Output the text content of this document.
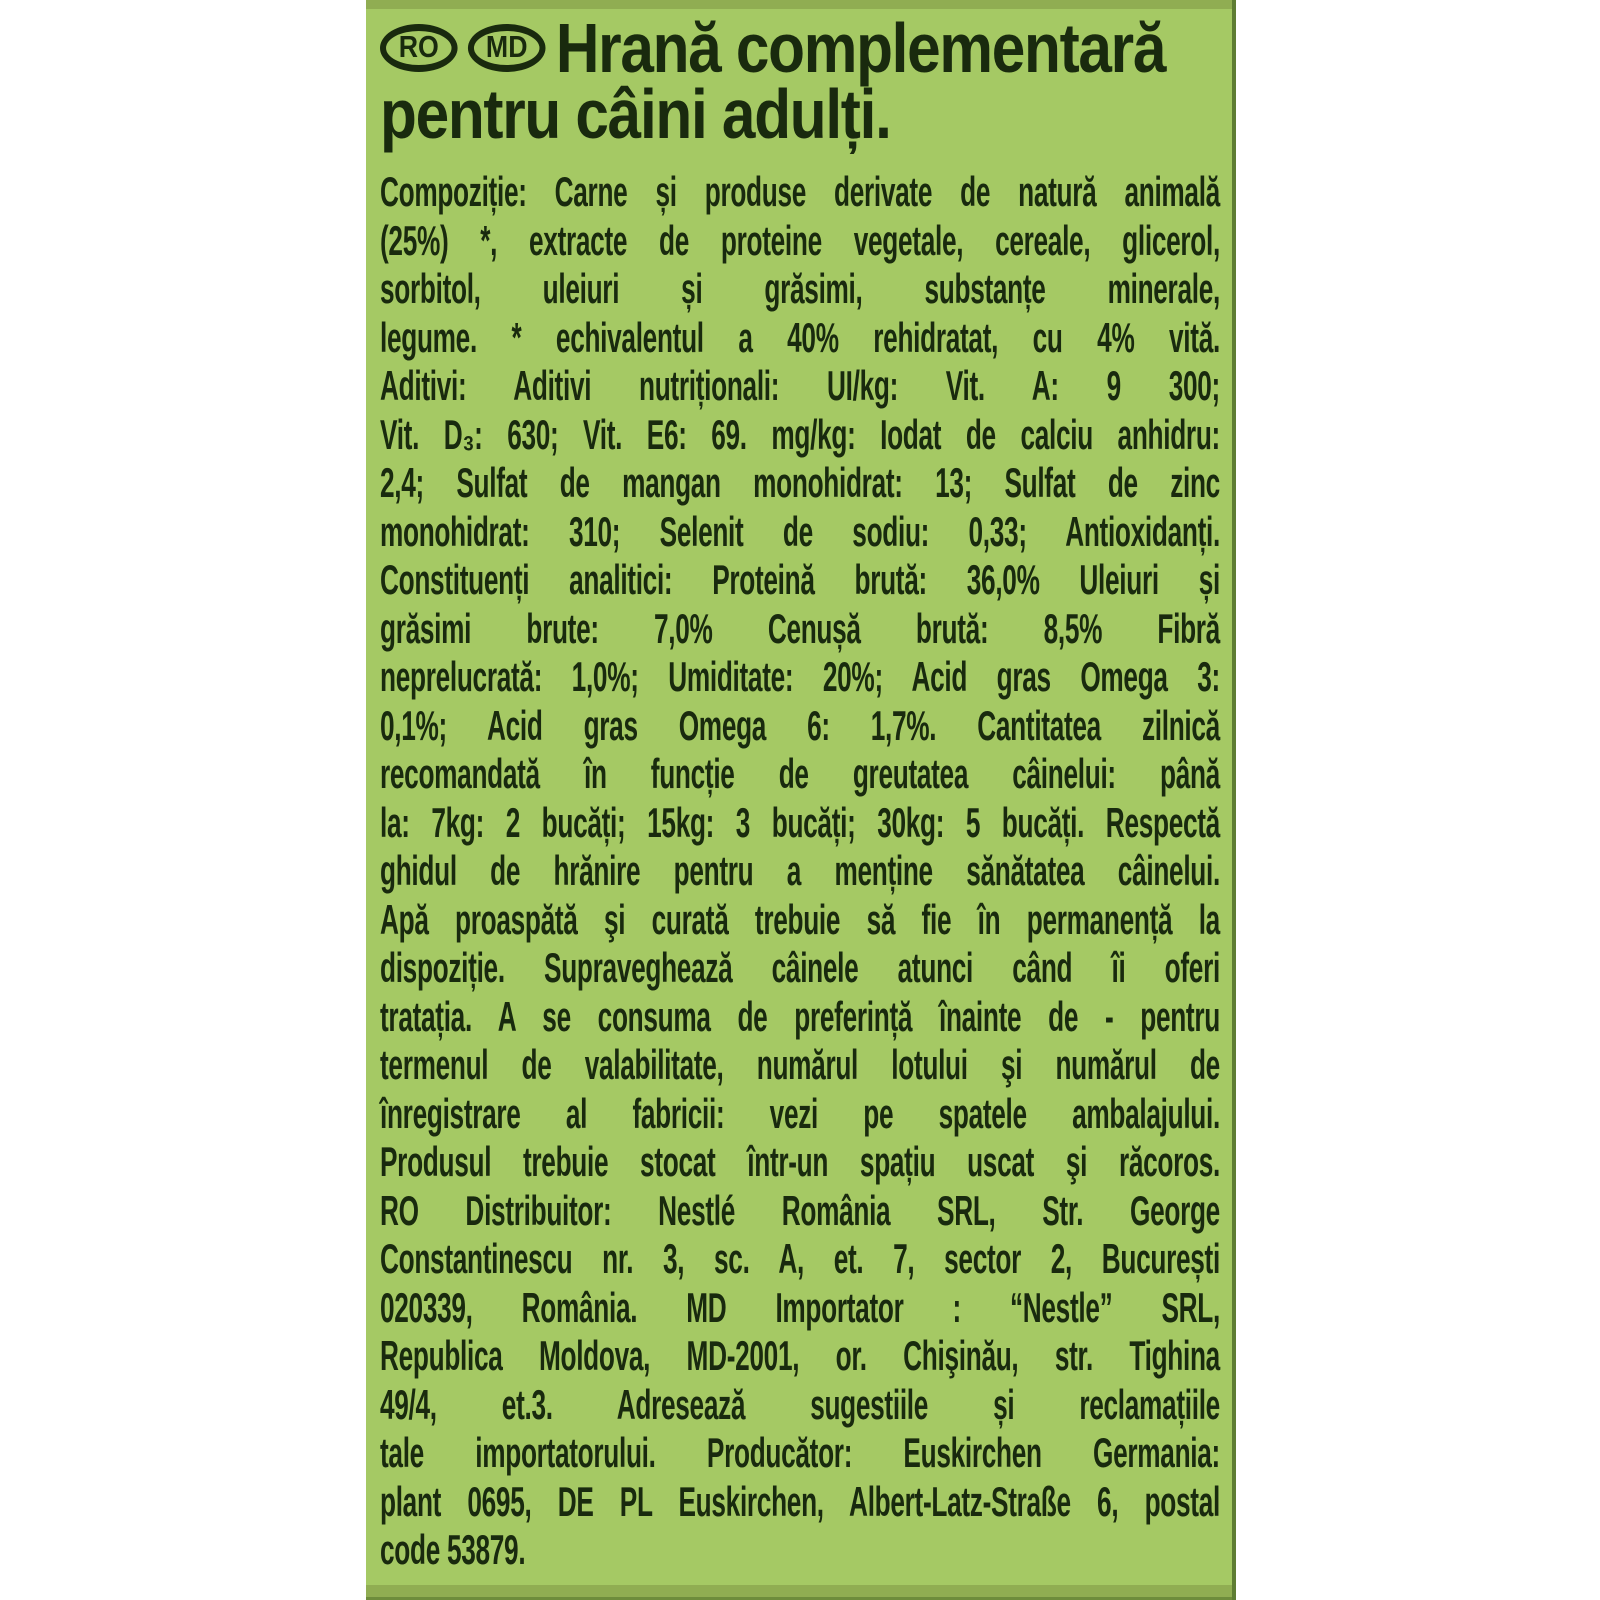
RO MD Hrană complementară
pentru câini adulți.
Compoziție: Carne și produse derivate de natură animală
(25%) *, extracte de proteine vegetale, cereale, glicerol,
sorbitol, uleiuri și grăsimi, substanțe minerale,
legume. * echivalentul a 40% rehidratat, cu 4% vită.
Aditivi: Aditivi nutriționali: UI/kg: Vit. A: 9 300;
Vit. D₃: 630; Vit. E6: 69. mg/kg: Iodat de calciu anhidru:
2,4; Sulfat de mangan monohidrat: 13; Sulfat de zinc
monohidrat: 310; Selenit de sodiu: 0,33; Antioxidanți.
Constituenți analitici: Proteină brută: 36,0% Uleiuri și
grăsimi brute: 7,0% Cenușă brută: 8,5% Fibră
neprelucrată: 1,0%; Umiditate: 20%; Acid gras Omega 3:
0,1%; Acid gras Omega 6: 1,7%. Cantitatea zilnică
recomandată în funcție de greutatea câinelui: până
la: 7kg: 2 bucăți; 15kg: 3 bucăți; 30kg: 5 bucăți. Respectă
ghidul de hrănire pentru a menține sănătatea câinelui.
Apă proaspătă şi curată trebuie să fie în permanență la
dispoziție. Supraveghează câinele atunci când îi oferi
tratația. A se consuma de preferință înainte de - pentru
termenul de valabilitate, numărul lotului şi numărul de
înregistrare al fabricii: vezi pe spatele ambalajului.
Produsul trebuie stocat într-un spațiu uscat şi răcoros.
RO Distribuitor: Nestlé România SRL, Str. George
Constantinescu nr. 3, sc. A, et. 7, sector 2, București
020339, România. MD Importator : “Nestle” SRL,
Republica Moldova, MD-2001, or. Chişinău, str. Tighina
49/4, et.3. Adresează sugestiile și reclamațiile
tale importatorului. Producător: Euskirchen Germania:
plant 0695, DE PL Euskirchen, Albert-Latz-Straße 6, postal
code 53879.
